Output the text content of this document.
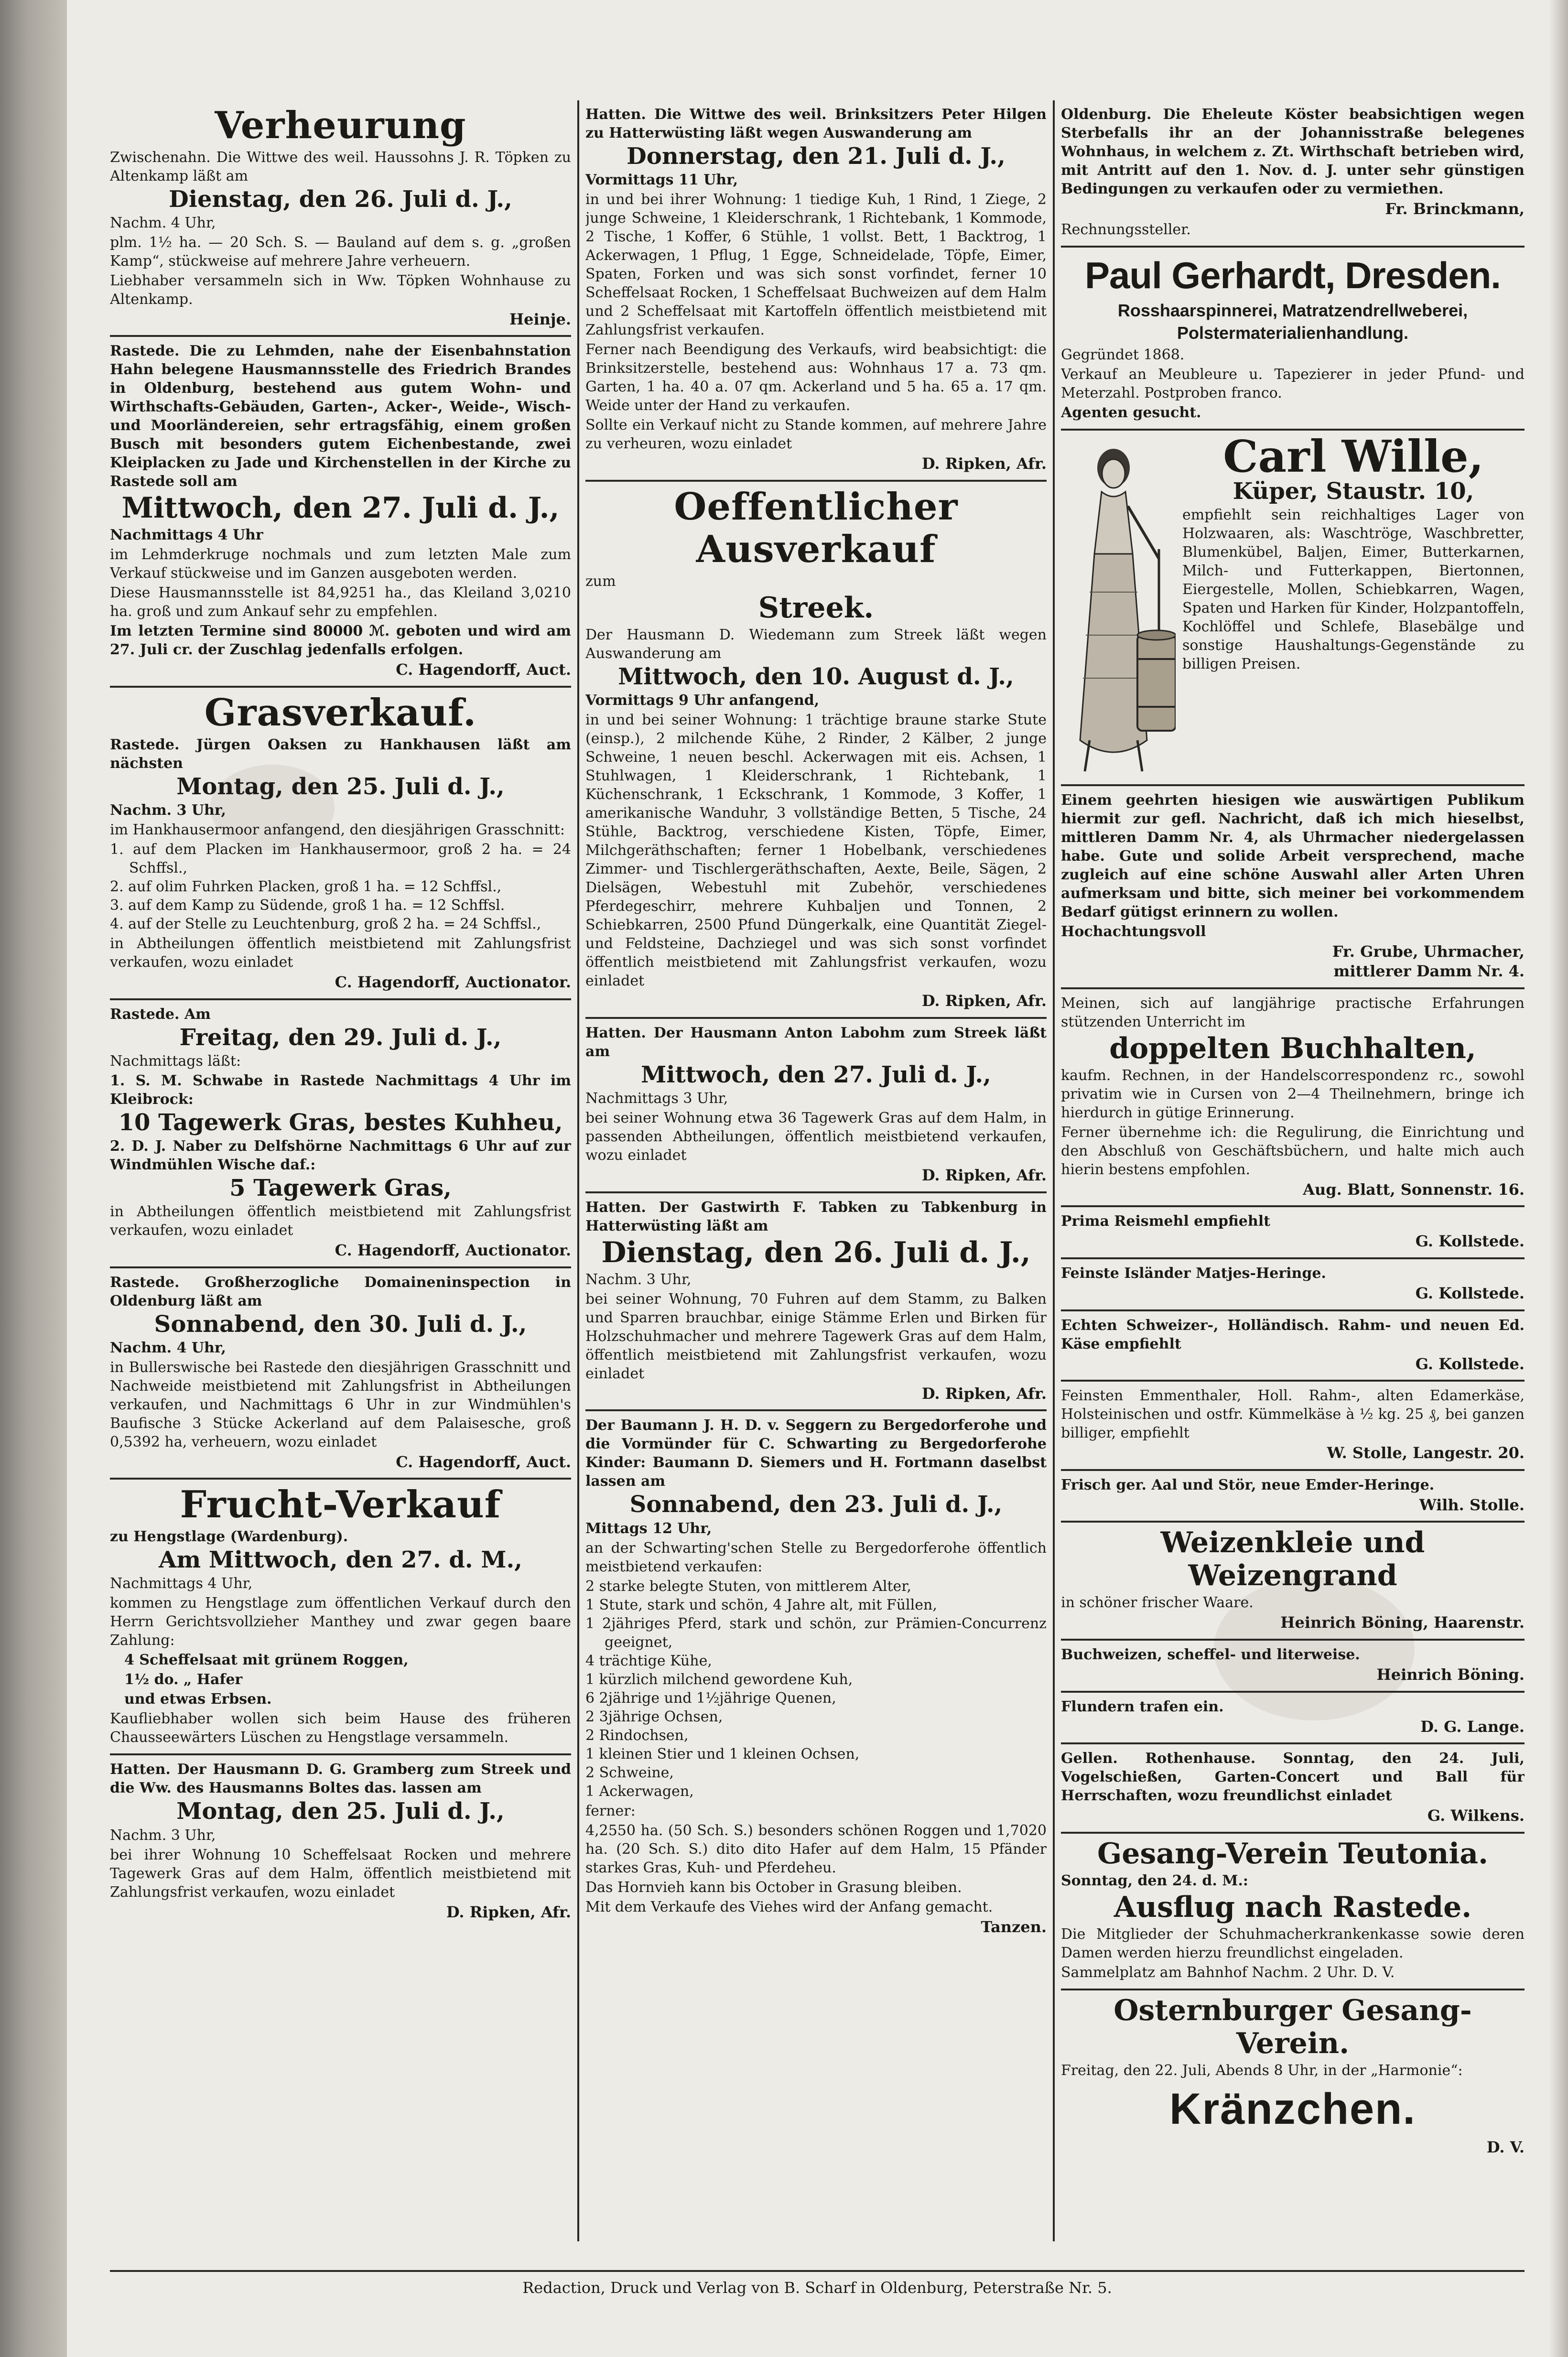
Verheurung

Zwischenahn. Die Wittwe des weil. Haussohns J. R. Töpken zu Altenkamp läßt am

Dienstag, den 26. Juli d. J.,

Nachm. 4 Uhr,

plm. 1½ ha. — 20 Sch. S. — Bauland auf dem s. g. „großen Kamp“, stückweise auf mehrere Jahre verheuern.

Liebhaber versammeln sich in Ww. Töpken Wohnhause zu Altenkamp.

Heinje.

Rastede. Die zu Lehmden, nahe der Eisenbahnstation Hahn belegene Hausmannsstelle des Friedrich Brandes in Oldenburg, bestehend aus gutem Wohn- und Wirthschafts-Gebäuden, Garten-, Acker-, Weide-, Wisch- und Moorländereien, sehr ertragsfähig, einem großen Busch mit besonders gutem Eichenbestande, zwei Kleiplacken zu Jade und Kirchenstellen in der Kirche zu Rastede soll am

Mittwoch, den 27. Juli d. J.,

Nachmittags 4 Uhr

im Lehmderkruge nochmals und zum letzten Male zum Verkauf stückweise und im Ganzen ausgeboten werden.

Diese Hausmannsstelle ist 84,9251 ha., das Kleiland 3,0210 ha. groß und zum Ankauf sehr zu empfehlen.

Im letzten Termine sind 80000 ℳ. geboten und wird am 27. Juli cr. der Zuschlag jedenfalls erfolgen.

C. Hagendorff, Auct.
Grasverkauf.

Rastede. Jürgen Oaksen zu Hankhausen läßt am nächsten

Montag, den 25. Juli d. J.,

Nachm. 3 Uhr,

im Hankhausermoor anfangend, den diesjährigen Grasschnitt:

1. auf dem Placken im Hankhausermoor, groß 2 ha. = 24 Schffsl.,
2. auf olim Fuhrken Placken, groß 1 ha. = 12 Schffsl.,
3. auf dem Kamp zu Südende, groß 1 ha. = 12 Schffsl.
4. auf der Stelle zu Leuchtenburg, groß 2 ha. = 24 Schffsl.,

in Abtheilungen öffentlich meistbietend mit Zahlungsfrist verkaufen, wozu einladet

C. Hagendorff, Auctionator.

Rastede. Am

Freitag, den 29. Juli d. J.,

Nachmittags läßt:

1. S. M. Schwabe in Rastede Nachmittags 4 Uhr im Kleibrock:

10 Tagewerk Gras, bestes Kuhheu,

2. D. J. Naber zu Delfshörne Nachmittags 6 Uhr auf zur Windmühlen Wische daf.:

5 Tagewerk Gras,

in Abtheilungen öffentlich meistbietend mit Zahlungsfrist verkaufen, wozu einladet

C. Hagendorff, Auctionator.

Rastede. Großherzogliche Domaineninspection in Oldenburg läßt am

Sonnabend, den 30. Juli d. J.,

Nachm. 4 Uhr,

in Bullerswische bei Rastede den diesjährigen Grasschnitt und Nachweide meistbietend mit Zahlungsfrist in Abtheilungen verkaufen, und Nachmittags 6 Uhr in zur Windmühlen's Baufische 3 Stücke Ackerland auf dem Palaisesche, groß 0,5392 ha, verheuern, wozu einladet

C. Hagendorff, Auct.
Frucht-Verkauf

zu Hengstlage (Wardenburg).

Am Mittwoch, den 27. d. M.,

Nachmittags 4 Uhr,

kommen zu Hengstlage zum öffentlichen Verkauf durch den Herrn Gerichtsvollzieher Manthey und zwar gegen baare Zahlung:

4 Scheffelsaat mit grünem Roggen,

1½ do. „ Hafer

und etwas Erbsen.

Kaufliebhaber wollen sich beim Hause des früheren Chausseewärters Lüschen zu Hengstlage versammeln.

Hatten. Der Hausmann D. G. Gramberg zum Streek und die Ww. des Hausmanns Boltes das. lassen am

Montag, den 25. Juli d. J.,

Nachm. 3 Uhr,

bei ihrer Wohnung 10 Scheffelsaat Rocken und mehrere Tagewerk Gras auf dem Halm, öffentlich meistbietend mit Zahlungsfrist verkaufen, wozu einladet

D. Ripken, Afr.

Hatten. Die Wittwe des weil. Brinksitzers Peter Hilgen zu Hatterwüsting läßt wegen Auswanderung am

Donnerstag, den 21. Juli d. J.,

Vormittags 11 Uhr,

in und bei ihrer Wohnung: 1 tiedige Kuh, 1 Rind, 1 Ziege, 2 junge Schweine, 1 Kleiderschrank, 1 Richtebank, 1 Kommode, 2 Tische, 1 Koffer, 6 Stühle, 1 vollst. Bett, 1 Backtrog, 1 Ackerwagen, 1 Pflug, 1 Egge, Schneidelade, Töpfe, Eimer, Spaten, Forken und was sich sonst vorfindet, ferner 10 Scheffelsaat Rocken, 1 Scheffelsaat Buchweizen auf dem Halm und 2 Scheffelsaat mit Kartoffeln öffentlich meistbietend mit Zahlungsfrist verkaufen.

Ferner nach Beendigung des Verkaufs, wird beabsichtigt: die Brinksitzerstelle, bestehend aus: Wohnhaus 17 a. 73 qm. Garten, 1 ha. 40 a. 07 qm. Ackerland und 5 ha. 65 a. 17 qm. Weide unter der Hand zu verkaufen.

Sollte ein Verkauf nicht zu Stande kommen, auf mehrere Jahre zu verheuren, wozu einladet

D. Ripken, Afr.
Oeffentlicher Ausverkauf

zum

Streek.

Der Hausmann D. Wiedemann zum Streek läßt wegen Auswanderung am

Mittwoch, den 10. August d. J.,

Vormittags 9 Uhr anfangend,

in und bei seiner Wohnung: 1 trächtige braune starke Stute (einsp.), 2 milchende Kühe, 2 Rinder, 2 Kälber, 2 junge Schweine, 1 neuen beschl. Ackerwagen mit eis. Achsen, 1 Stuhlwagen, 1 Kleiderschrank, 1 Richtebank, 1 Küchenschrank, 1 Eckschrank, 1 Kommode, 3 Koffer, 1 amerikanische Wanduhr, 3 vollständige Betten, 5 Tische, 24 Stühle, Backtrog, verschiedene Kisten, Töpfe, Eimer, Milchgeräthschaften; ferner 1 Hobelbank, verschiedenes Zimmer- und Tischlergeräthschaften, Aexte, Beile, Sägen, 2 Dielsägen, Webestuhl mit Zubehör, verschiedenes Pferdegeschirr, mehrere Kuhbaljen und Tonnen, 2 Schiebkarren, 2500 Pfund Düngerkalk, eine Quantität Ziegel- und Feldsteine, Dachziegel und was sich sonst vorfindet öffentlich meistbietend mit Zahlungsfrist verkaufen, wozu einladet

D. Ripken, Afr.

Hatten. Der Hausmann Anton Labohm zum Streek läßt am

Mittwoch, den 27. Juli d. J.,

Nachmittags 3 Uhr,

bei seiner Wohnung etwa 36 Tagewerk Gras auf dem Halm, in passenden Abtheilungen, öffentlich meistbietend verkaufen, wozu einladet

D. Ripken, Afr.

Hatten. Der Gastwirth F. Tabken zu Tabkenburg in Hatterwüsting läßt am

Dienstag, den 26. Juli d. J.,

Nachm. 3 Uhr,

bei seiner Wohnung, 70 Fuhren auf dem Stamm, zu Balken und Sparren brauchbar, einige Stämme Erlen und Birken für Holzschuhmacher und mehrere Tagewerk Gras auf dem Halm, öffentlich meistbietend mit Zahlungsfrist verkaufen, wozu einladet

D. Ripken, Afr.

Der Baumann J. H. D. v. Seggern zu Bergedorferohe und die Vormünder für C. Schwarting zu Bergedorferohe Kinder: Baumann D. Siemers und H. Fortmann daselbst lassen am

Sonnabend, den 23. Juli d. J.,

Mittags 12 Uhr,

an der Schwarting'schen Stelle zu Bergedorferohe öffentlich meistbietend verkaufen:

2 starke belegte Stuten, von mittlerem Alter,
1 Stute, stark und schön, 4 Jahre alt, mit Füllen,
1 2jähriges Pferd, stark und schön, zur Prämien-Concurrenz geeignet,
4 trächtige Kühe,
1 kürzlich milchend gewordene Kuh,
6 2jährige und 1½jährige Quenen,
2 3jährige Ochsen,
2 Rindochsen,
1 kleinen Stier und 1 kleinen Ochsen,
2 Schweine,
1 Ackerwagen,

ferner:

4,2550 ha. (50 Sch. S.) besonders schönen Roggen und 1,7020 ha. (20 Sch. S.) dito dito Hafer auf dem Halm, 15 Pfänder starkes Gras, Kuh- und Pferdeheu.

Das Hornvieh kann bis October in Grasung bleiben.

Mit dem Verkaufe des Viehes wird der Anfang gemacht.

Tanzen.

Oldenburg. Die Eheleute Köster beabsichtigen wegen Sterbefalls ihr an der Johannisstraße belegenes Wohnhaus, in welchem z. Zt. Wirthschaft betrieben wird, mit Antritt auf den 1. Nov. d. J. unter sehr günstigen Bedingungen zu verkaufen oder zu vermiethen.

Fr. Brinckmann,

Rechnungssteller.

Paul Gerhardt, Dresden.
Rosshaarspinnerei, Matratzendrellweberei,
Polstermaterialienhandlung.

Gegründet 1868.

Verkauf an Meubleure u. Tapezierer in jeder Pfund- und Meterzahl. Postproben franco.

Agenten gesucht.

Carl Wille,
Küper, Staustr. 10,

empfiehlt sein reichhaltiges Lager von Holzwaaren, als: Waschtröge, Waschbretter, Blumenkübel, Baljen, Eimer, Butterkarnen, Milch- und Futterkappen, Biertonnen, Eiergestelle, Mollen, Schiebkarren, Wagen, Spaten und Harken für Kinder, Holzpantoffeln, Kochlöffel und Schlefe, Blasebälge und sonstige Haushaltungs-Gegenstände zu billigen Preisen.

Einem geehrten hiesigen wie auswärtigen Publikum hiermit zur gefl. Nachricht, daß ich mich hieselbst, mittleren Damm Nr. 4, als Uhrmacher niedergelassen habe. Gute und solide Arbeit versprechend, mache zugleich auf eine schöne Auswahl aller Arten Uhren aufmerksam und bitte, sich meiner bei vorkommendem Bedarf gütigst erinnern zu wollen.

Hochachtungsvoll

Fr. Grube, Uhrmacher,
mittlerer Damm Nr. 4.

Meinen, sich auf langjährige practische Erfahrungen stützenden Unterricht im

doppelten Buchhalten,

kaufm. Rechnen, in der Handelscorrespondenz rc., sowohl privatim wie in Cursen von 2—4 Theilnehmern, bringe ich hierdurch in gütige Erinnerung.

Ferner übernehme ich: die Regulirung, die Einrichtung und den Abschluß von Geschäftsbüchern, und halte mich auch hierin bestens empfohlen.

Aug. Blatt, Sonnenstr. 16.

Prima Reismehl empfiehlt

G. Kollstede.

Feinste Isländer Matjes-Heringe.

G. Kollstede.

Echten Schweizer-, Holländisch. Rahm- und neuen Ed. Käse empfiehlt

G. Kollstede.

Feinsten Emmenthaler, Holl. Rahm-, alten Edamerkäse, Holsteinischen und ostfr. Kümmelkäse à ½ kg. 25 ₰, bei ganzen billiger, empfiehlt

W. Stolle, Langestr. 20.

Frisch ger. Aal und Stör, neue Emder-Heringe.

Wilh. Stolle.
Weizenkleie und Weizengrand

in schöner frischer Waare.

Heinrich Böning, Haarenstr.

Buchweizen, scheffel- und literweise.

Heinrich Böning.

Flundern trafen ein.

D. G. Lange.

Gellen. Rothenhause. Sonntag, den 24. Juli, Vogelschießen, Garten-Concert und Ball für Herrschaften, wozu freundlichst einladet

G. Wilkens.
Gesang-Verein Teutonia.

Sonntag, den 24. d. M.:

Ausflug nach Rastede.

Die Mitglieder der Schuhmacherkrankenkasse sowie deren Damen werden hierzu freundlichst eingeladen.

Sammelplatz am Bahnhof Nachm. 2 Uhr. D. V.

Osternburger Gesang-Verein.

Freitag, den 22. Juli, Abends 8 Uhr, in der „Harmonie“:

Kränzchen.
D. V.
Redaction, Druck und Verlag von B. Scharf in Oldenburg, Peterstraße Nr. 5.
